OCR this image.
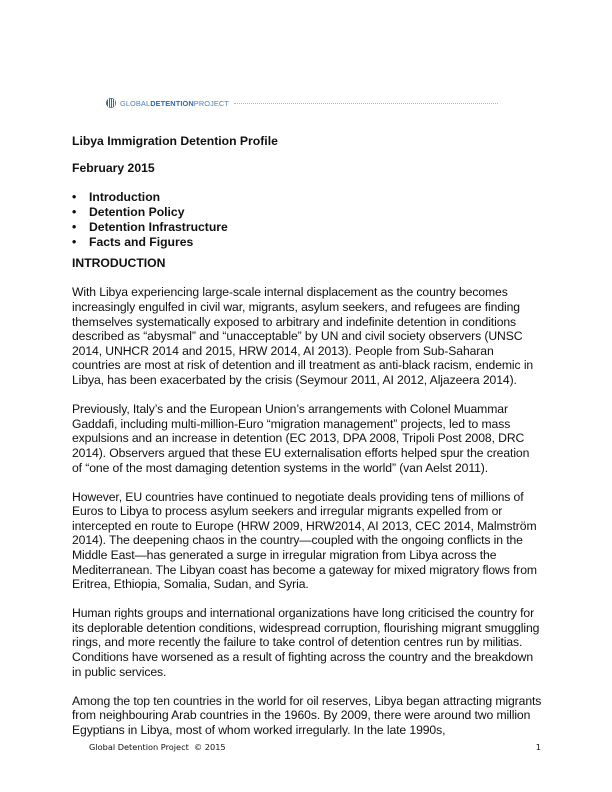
GLOBALDETENTIONPROJECT

Libya Immigration Detention Profile

February 2015

•	Introduction
•	Detention Policy
•	Detention Infrastructure
•	Facts and Figures

INTRODUCTION

With Libya experiencing large-scale internal displacement as the country becomes increasingly engulfed in civil war, migrants, asylum seekers, and refugees are finding themselves systematically exposed to arbitrary and indefinite detention in conditions described as “abysmal” and “unacceptable” by UN and civil society observers (UNSC 2014, UNHCR 2014 and 2015, HRW 2014, AI 2013). People from Sub-Saharan countries are most at risk of detention and ill treatment as anti-black racism, endemic in Libya, has been exacerbated by the crisis (Seymour 2011, AI 2012, Aljazeera 2014).

Previously, Italy’s and the European Union’s arrangements with Colonel Muammar Gaddafi, including multi-million-Euro “migration management” projects, led to mass expulsions and an increase in detention (EC 2013, DPA 2008, Tripoli Post 2008, DRC 2014). Observers argued that these EU externalisation efforts helped spur the creation of “one of the most damaging detention systems in the world” (van Aelst 2011).

However, EU countries have continued to negotiate deals providing tens of millions of Euros to Libya to process asylum seekers and irregular migrants expelled from or intercepted en route to Europe (HRW 2009, HRW2014, AI 2013, CEC 2014, Malmström 2014). The deepening chaos in the country—coupled with the ongoing conflicts in the Middle East—has generated a surge in irregular migration from Libya across the Mediterranean. The Libyan coast has become a gateway for mixed migratory flows from Eritrea, Ethiopia, Somalia, Sudan, and Syria.

Human rights groups and international organizations have long criticised the country for its deplorable detention conditions, widespread corruption, flourishing migrant smuggling rings, and more recently the failure to take control of detention centres run by militias. Conditions have worsened as a result of fighting across the country and the breakdown in public services.

Among the top ten countries in the world for oil reserves, Libya began attracting migrants from neighbouring Arab countries in the 1960s. By 2009, there were around two million Egyptians in Libya, most of whom worked irregularly. In the late 1990s,

Global Detention Project  © 2015	1
